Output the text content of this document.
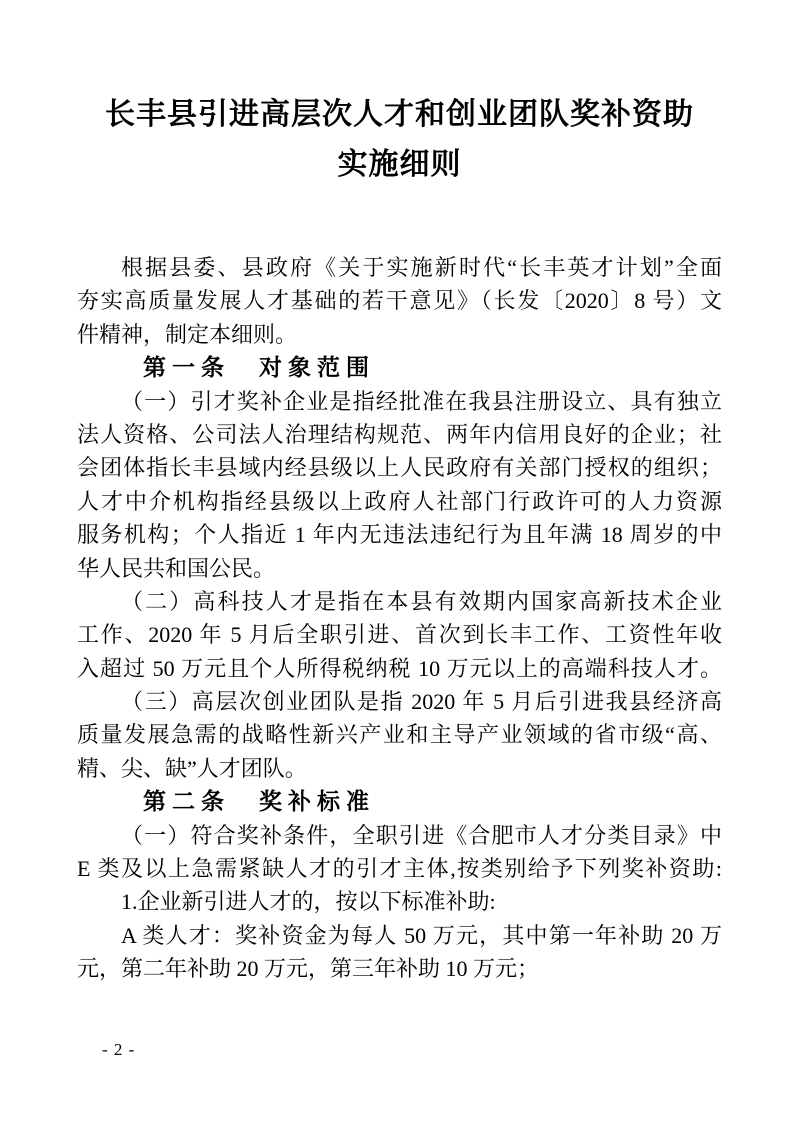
长丰县引进高层次人才和创业团队奖补资助
实施细则
根据县委、县政府《关于实施新时代“长丰英才计划”全面
夯实高质量发展人才基础的若干意见》（长发〔2020〕8 号）文
件精神，制定本细则。
第一条　对象范围
（一）引才奖补企业是指经批准在我县注册设立、具有独立
法人资格、公司法人治理结构规范、两年内信用良好的企业；社
会团体指长丰县域内经县级以上人民政府有关部门授权的组织；
人才中介机构指经县级以上政府人社部门行政许可的人力资源
服务机构；个人指近 1 年内无违法违纪行为且年满 18 周岁的中
华人民共和国公民。
（二）高科技人才是指在本县有效期内国家高新技术企业
工作、2020 年 5 月后全职引进、首次到长丰工作、工资性年收
入超过 50 万元且个人所得税纳税 10 万元以上的高端科技人才。
（三）高层次创业团队是指 2020 年 5 月后引进我县经济高
质量发展急需的战略性新兴产业和主导产业领域的省市级“高、
精、尖、缺”人才团队。
第二条　奖补标准
（一）符合奖补条件，全职引进《合肥市人才分类目录》中
E 类及以上急需紧缺人才的引才主体,按类别给予下列奖补资助:
1.企业新引进人才的，按以下标准补助:
A 类人才：奖补资金为每人 50 万元，其中第一年补助 20 万
元，第二年补助 20 万元，第三年补助 10 万元；
- 2 -
